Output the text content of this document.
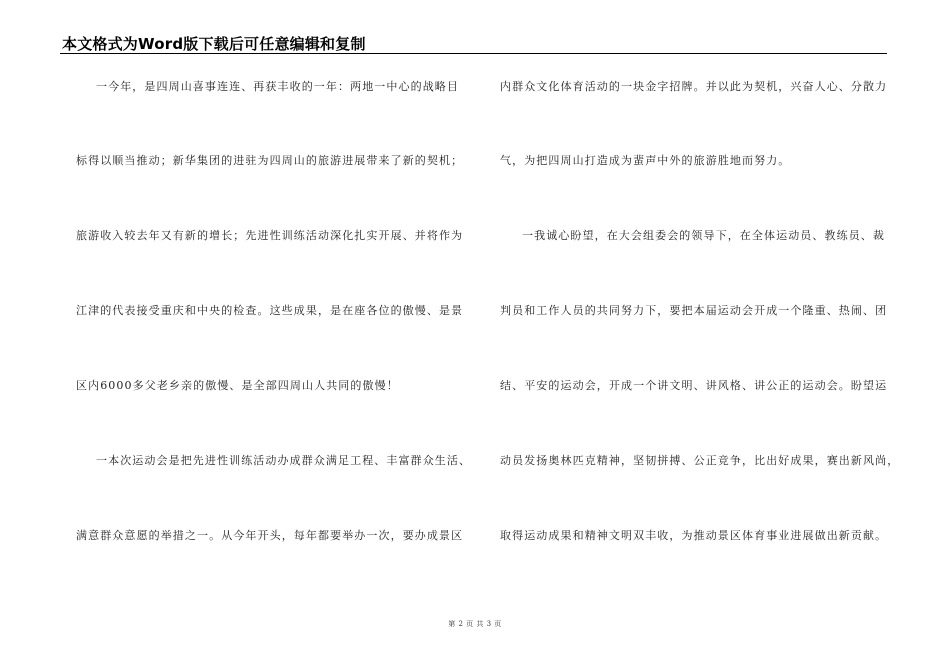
本文格式为Word版下载后可任意编辑和复制
一今年，是四周山喜事连连、再获丰收的一年：两地一中心的战略目
标得以顺当推动；新华集团的进驻为四周山的旅游进展带来了新的契机；
旅游收入较去年又有新的增长；先进性训练活动深化扎实开展、并将作为
江津的代表接受重庆和中央的检查。这些成果，是在座各位的傲慢、是景
区内6000多父老乡亲的傲慢、是全部四周山人共同的傲慢！
一本次运动会是把先进性训练活动办成群众满足工程、丰富群众生活、
满意群众意愿的举措之一。从今年开头，每年都要举办一次，要办成景区
内群众文化体育活动的一块金字招牌。并以此为契机，兴奋人心、分散力
气，为把四周山打造成为蜚声中外的旅游胜地而努力。
一我诚心盼望，在大会组委会的领导下，在全体运动员、教练员、裁
判员和工作人员的共同努力下，要把本届运动会开成一个隆重、热闹、团
结、平安的运动会，开成一个讲文明、讲风格、讲公正的运动会。盼望运
动员发扬奥林匹克精神，坚韧拼搏、公正竞争，比出好成果，赛出新风尚，
取得运动成果和精神文明双丰收，为推动景区体育事业进展做出新贡献。
第 2 页 共 3 页
